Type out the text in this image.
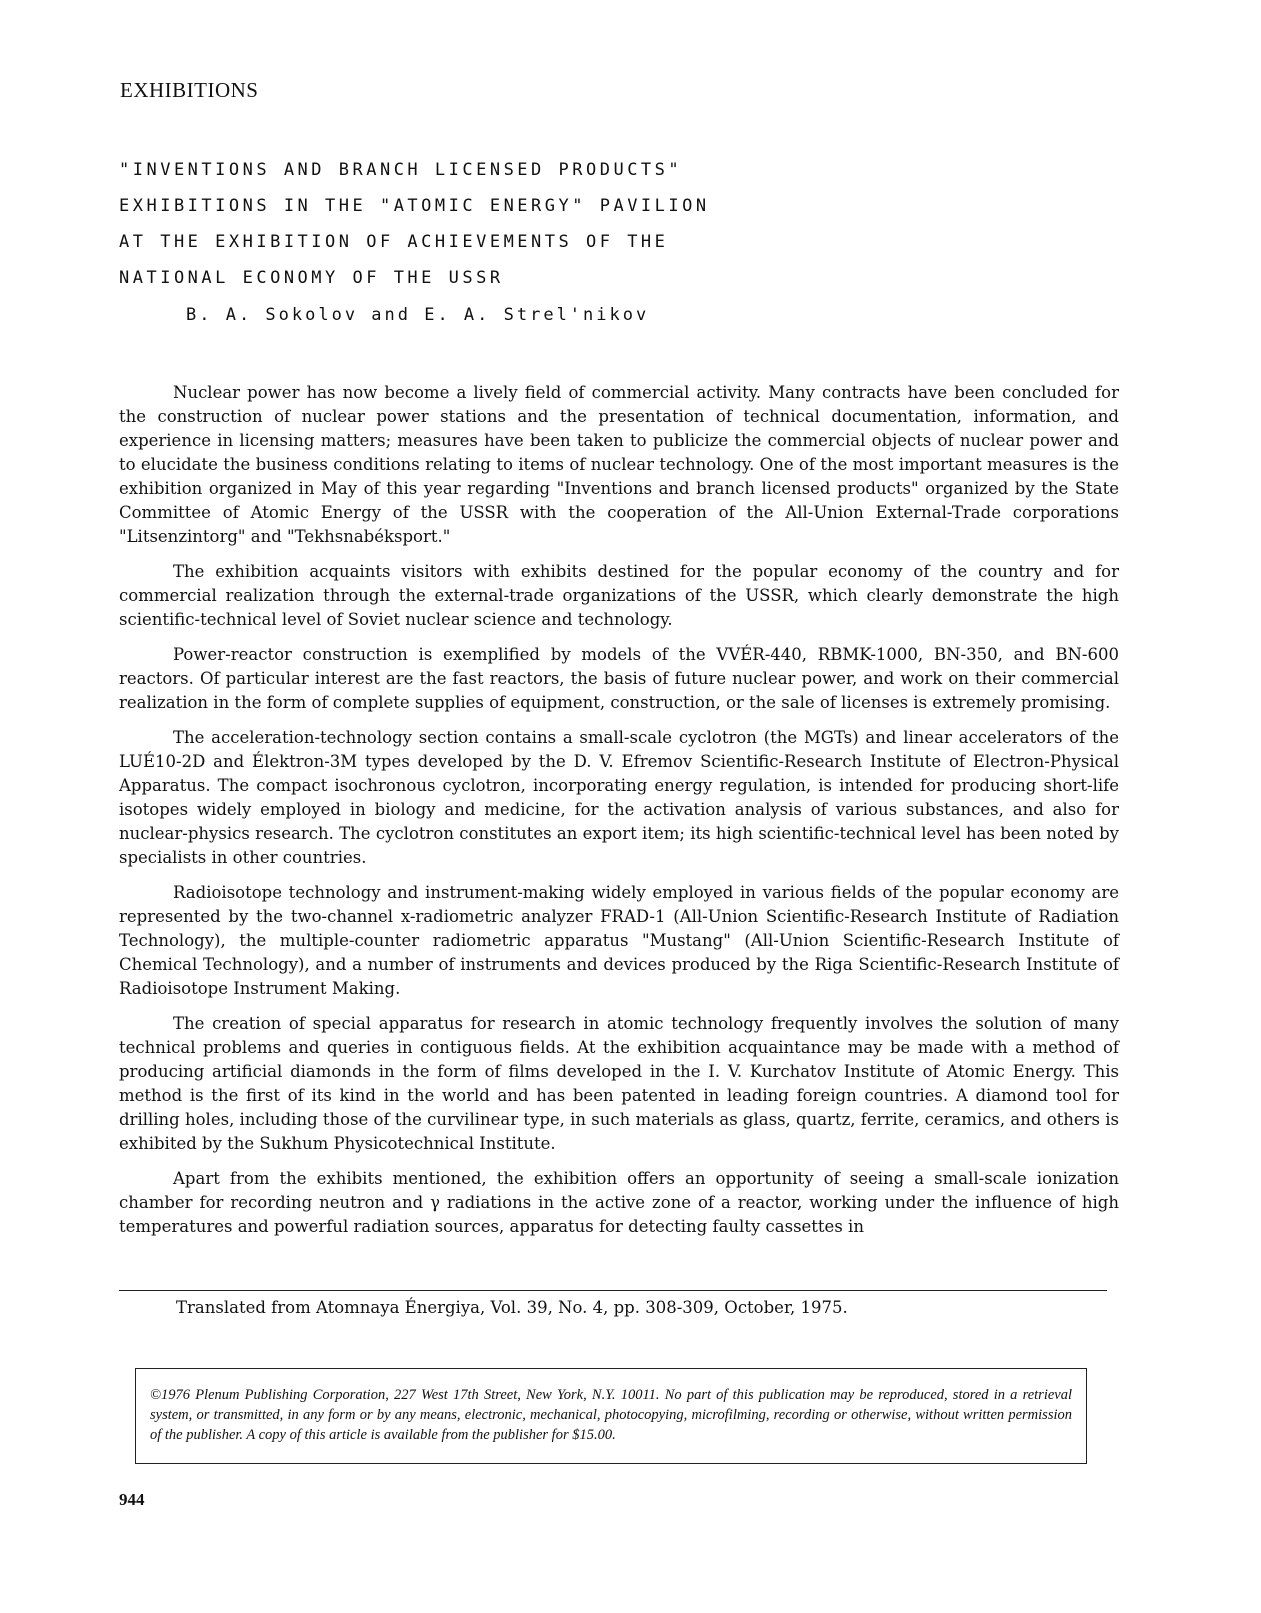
EXHIBITIONS
"INVENTIONS AND BRANCH LICENSED PRODUCTS"
EXHIBITIONS IN THE "ATOMIC ENERGY" PAVILION
AT THE EXHIBITION OF ACHIEVEMENTS OF THE
NATIONAL ECONOMY OF THE USSR
B. A. Sokolov and E. A. Strel'nikov

Nuclear power has now become a lively field of commercial activity. Many contracts have been concluded for the construction of nuclear power stations and the presentation of technical documentation, information, and experience in licensing matters; measures have been taken to publicize the commercial objects of nuclear power and to elucidate the business conditions relating to items of nuclear technology. One of the most important measures is the exhibition organized in May of this year regarding "Inventions and branch licensed products" organized by the State Committee of Atomic Energy of the USSR with the cooperation of the All-Union External-Trade corporations "Litsenzintorg" and "Tekhsnabéksport."

The exhibition acquaints visitors with exhibits destined for the popular economy of the country and for commercial realization through the external-trade organizations of the USSR, which clearly demonstrate the high scientific-technical level of Soviet nuclear science and technology.

Power-reactor construction is exemplified by models of the VVÉR-440, RBMK-1000, BN-350, and BN-600 reactors. Of particular interest are the fast reactors, the basis of future nuclear power, and work on their commercial realization in the form of complete supplies of equipment, construction, or the sale of licenses is extremely promising.

The acceleration-technology section contains a small-scale cyclotron (the MGTs) and linear accelerators of the LUÉ10-2D and Élektron-3M types developed by the D. V. Efremov Scientific-Research Institute of Electron-Physical Apparatus. The compact isochronous cyclotron, incorporating energy regulation, is intended for producing short-life isotopes widely employed in biology and medicine, for the activation analysis of various substances, and also for nuclear-physics research. The cyclotron constitutes an export item; its high scientific-technical level has been noted by specialists in other countries.

Radioisotope technology and instrument-making widely employed in various fields of the popular economy are represented by the two-channel x-radiometric analyzer FRAD-1 (All-Union Scientific-Research Institute of Radiation Technology), the multiple-counter radiometric apparatus "Mustang" (All-Union Scientific-Research Institute of Chemical Technology), and a number of instruments and devices produced by the Riga Scientific-Research Institute of Radioisotope Instrument Making.

The creation of special apparatus for research in atomic technology frequently involves the solution of many technical problems and queries in contiguous fields. At the exhibition acquaintance may be made with a method of producing artificial diamonds in the form of films developed in the I. V. Kurchatov Institute of Atomic Energy. This method is the first of its kind in the world and has been patented in leading foreign countries. A diamond tool for drilling holes, including those of the curvilinear type, in such materials as glass, quartz, ferrite, ceramics, and others is exhibited by the Sukhum Physicotechnical Institute.

Apart from the exhibits mentioned, the exhibition offers an opportunity of seeing a small-scale ionization chamber for recording neutron and γ radiations in the active zone of a reactor, working under the influence of high temperatures and powerful radiation sources, apparatus for detecting faulty cassettes in

Translated from Atomnaya Énergiya, Vol. 39, No. 4, pp. 308-309, October, 1975.
©1976 Plenum Publishing Corporation, 227 West 17th Street, New York, N.Y. 10011. No part of this publication may be reproduced, stored in a retrieval system, or transmitted, in any form or by any means, electronic, mechanical, photocopying, microfilming, recording or otherwise, without written permission of the publisher. A copy of this article is available from the publisher for $15.00.
944
